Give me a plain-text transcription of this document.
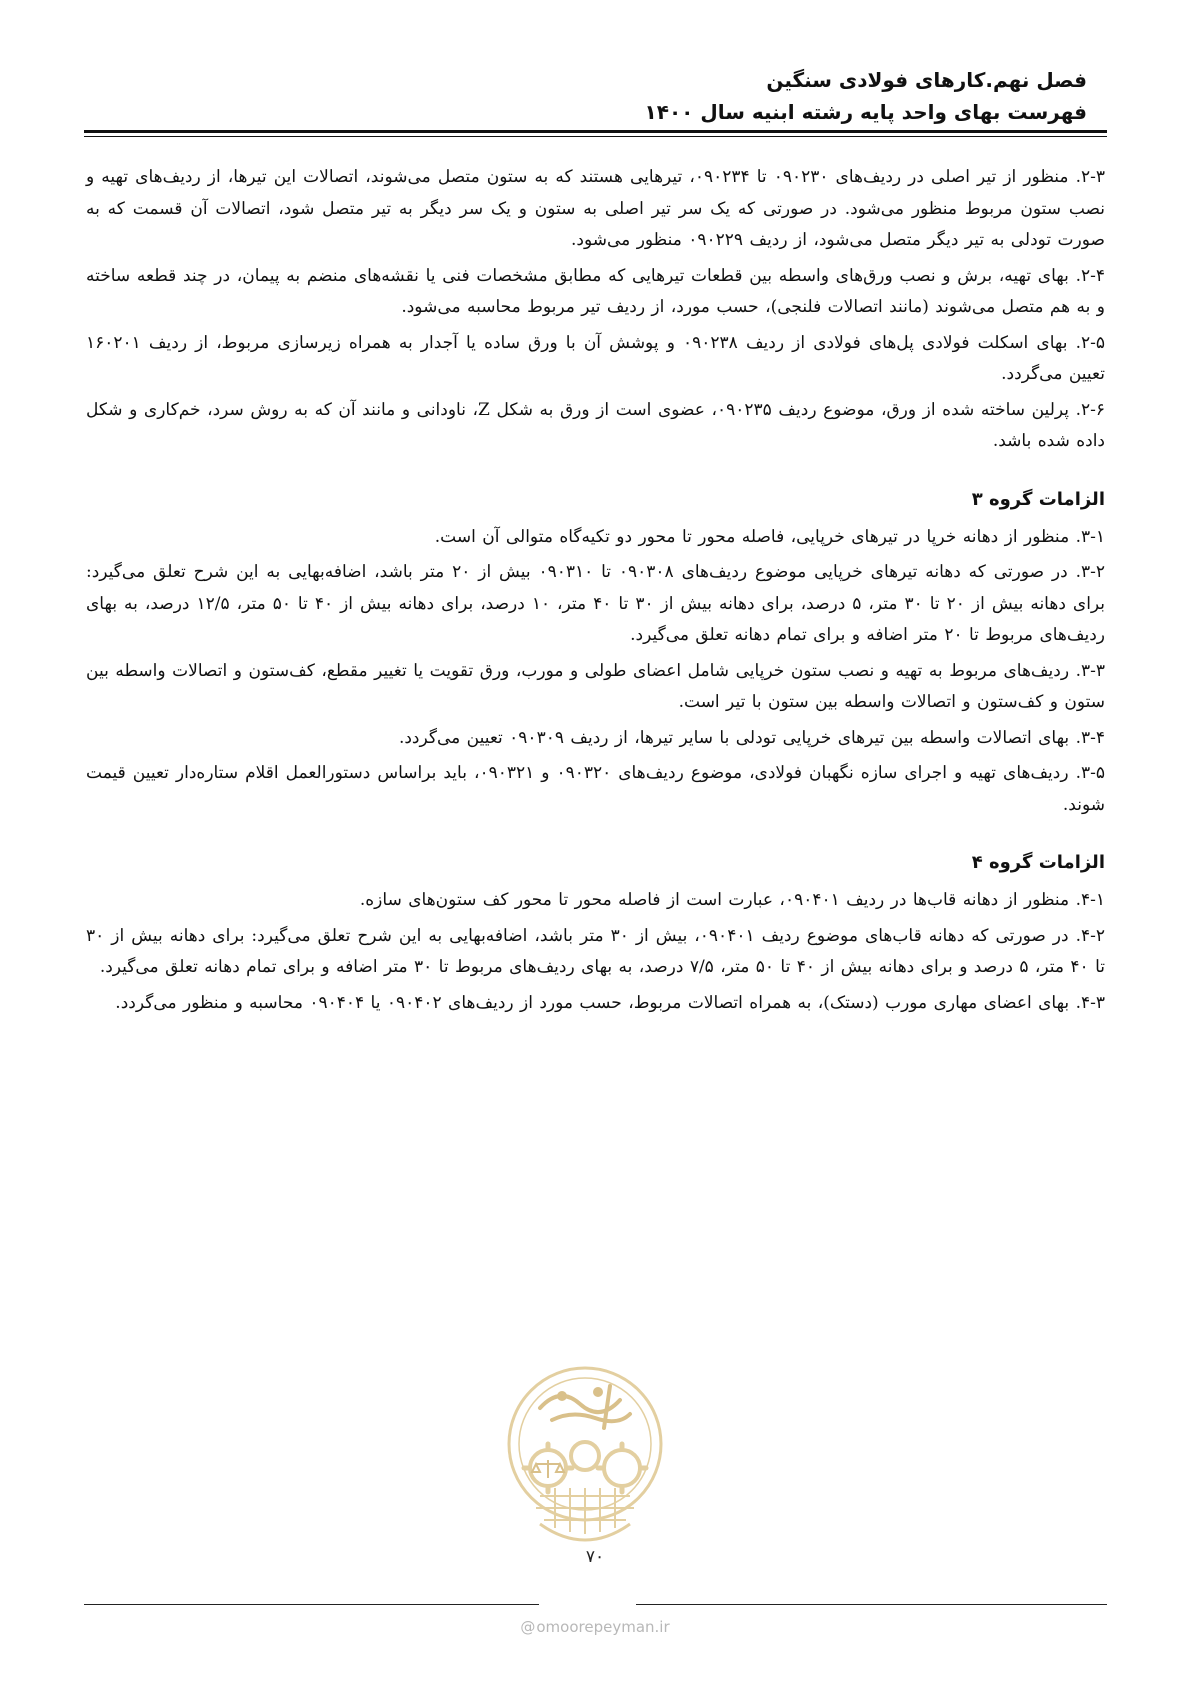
فصل نهم.کارهای فولادی سنگین
فهرست بهای واحد پایه رشته ابنیه سال ۱۴۰۰

۲-۳. منظور از تیر اصلی در ردیف‌های ۰۹۰۲۳۰ تا ۰۹۰۲۳۴، تیرهایی هستند که به ستون متصل می‌شوند، اتصالات این تیرها، از ردیف‌های تهیه و نصب ستون مربوط منظور می‌شود. در صورتی که یک سر تیر اصلی به ستون و یک سر دیگر به تیر متصل شود، اتصالات آن قسمت که به صورت تودلی به تیر دیگر متصل می‌شود، از ردیف ۰۹۰۲۲۹ منظور می‌شود.

۲-۴. بهای تهیه، برش و نصب ورق‌های واسطه بین قطعات تیرهایی که مطابق مشخصات فنی یا نقشه‌های منضم به پیمان، در چند قطعه ساخته و به هم متصل می‌شوند (مانند اتصالات فلنجی)، حسب مورد، از ردیف تیر مربوط محاسبه می‌شود.

۲-۵. بهای اسکلت فولادی پل‌های فولادی از ردیف ۰۹۰۲۳۸ و پوشش آن با ورق ساده یا آجدار به همراه زیرسازی مربوط، از ردیف ۱۶۰۲۰۱ تعیین می‌گردد.

۲-۶. پرلین ساخته شده از ورق، موضوع ردیف ۰۹۰۲۳۵، عضوی است از ورق به شکل Z، ناودانی و مانند آن که به روش سرد، خم‌کاری و شکل داده شده باشد.

الزامات گروه ۳

۳-۱. منظور از دهانه خرپا در تیرهای خرپایی، فاصله محور تا محور دو تکیه‌گاه متوالی آن است.

۳-۲. در صورتی که دهانه تیرهای خرپایی موضوع ردیف‌های ۰۹۰۳۰۸ تا ۰۹۰۳۱۰ بیش از ۲۰ متر باشد، اضافه‌بهایی به این شرح تعلق می‌گیرد: برای دهانه بیش از ۲۰ تا ۳۰ متر، ۵ درصد، برای دهانه بیش از ۳۰ تا ۴۰ متر، ۱۰ درصد، برای دهانه بیش از ۴۰ تا ۵۰ متر، ۱۲/۵ درصد، به بهای ردیف‌های مربوط تا ۲۰ متر اضافه و برای تمام دهانه تعلق می‌گیرد.

۳-۳. ردیف‌های مربوط به تهیه و نصب ستون خرپایی شامل اعضای طولی و مورب، ورق تقویت یا تغییر مقطع، کف‌ستون و اتصالات واسطه بین ستون و کف‌ستون و اتصالات واسطه بین ستون با تیر است.

۳-۴. بهای اتصالات واسطه بین تیرهای خرپایی تودلی با سایر تیرها، از ردیف ۰۹۰۳۰۹ تعیین می‌گردد.

۳-۵. ردیف‌های تهیه و اجرای سازه نگهبان فولادی، موضوع ردیف‌های ۰۹۰۳۲۰ و ۰۹۰۳۲۱، باید براساس دستورالعمل اقلام ستاره‌دار تعیین قیمت شوند.

الزامات گروه ۴

۴-۱. منظور از دهانه قاب‌ها در ردیف ۰۹۰۴۰۱، عبارت است از فاصله محور تا محور کف ستون‌های سازه.

۴-۲. در صورتی که دهانه قاب‌های موضوع ردیف ۰۹۰۴۰۱، بیش از ۳۰ متر باشد، اضافه‌بهایی به این شرح تعلق می‌گیرد: برای دهانه بیش از ۳۰ تا ۴۰ متر، ۵ درصد و برای دهانه بیش از ۴۰ تا ۵۰ متر، ۷/۵ درصد، به بهای ردیف‌های مربوط تا ۳۰ متر اضافه و برای تمام دهانه تعلق می‌گیرد.

۴-۳. بهای اعضای مهاری مورب (دستک)، به همراه اتصالات مربوط، حسب مورد از ردیف‌های ۰۹۰۴۰۲ یا ۰۹۰۴۰۴ محاسبه و منظور می‌گردد.

۷۰
@omoorepeyman.ir
